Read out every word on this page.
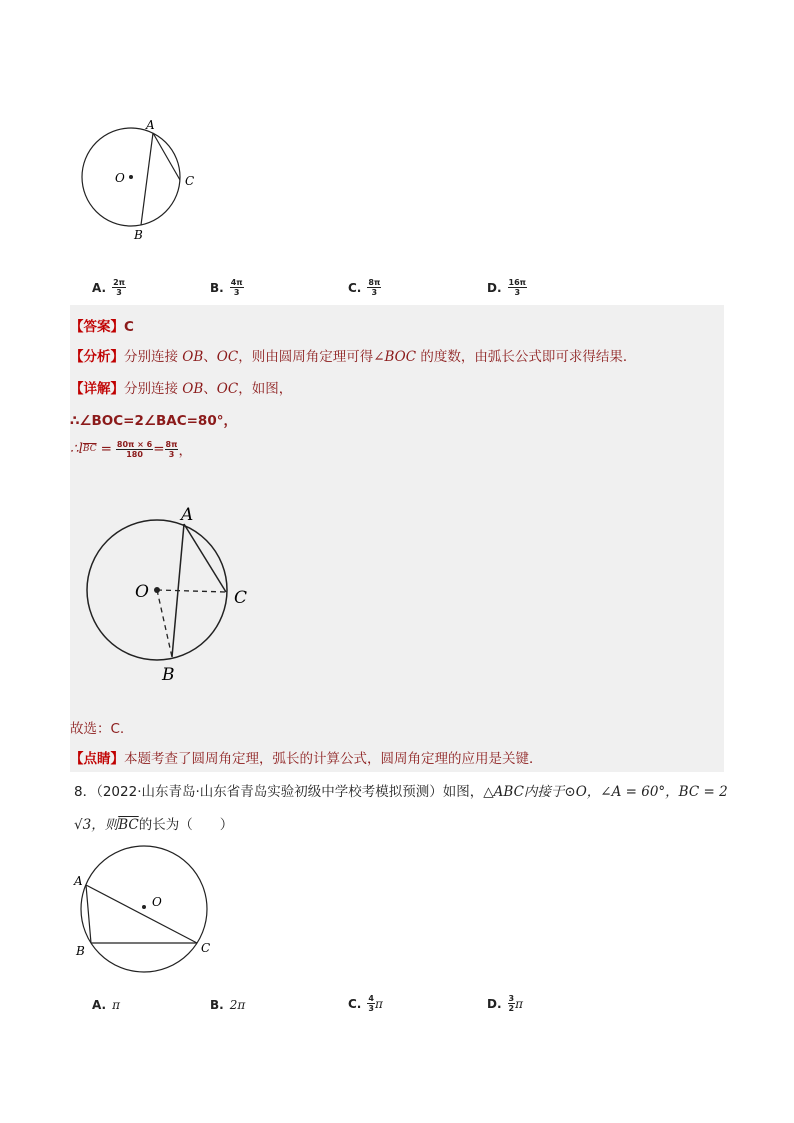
A
O	C
B
A. $\frac{2\pi}{3}$	B. $\frac{4\pi}{3}$	C. $\frac{8\pi}{3}$	D. $\frac{16\pi}{3}$
【答案】C
【分析】分别连接 OB、OC，则由圆周角定理可得∠BOC 的度数，由弧长公式即可求得结果．
【详解】分别连接 OB、OC，如图，
∴∠BOC=2∠BAC=80°，
∴l $\overline{BC} = \frac{80\pi \times 6}{180} = \frac{8\pi}{3}$ ，
A
O	C
B
故选：C.
【点睛】本题考查了圆周角定理，弧长的计算公式，圆周角定理的应用是关键．
8．（2022·山东青岛·山东省青岛实验初级中学校考模拟预测）如图，△ABC内接于⊙O，∠A = 60°，BC = 2
√3，则$\overline{BC}$的长为（　　）
A
O
B	C
A. π	B. 2π	C. $\frac{4}{3}$ π	D. $\frac{3}{2}$ π
